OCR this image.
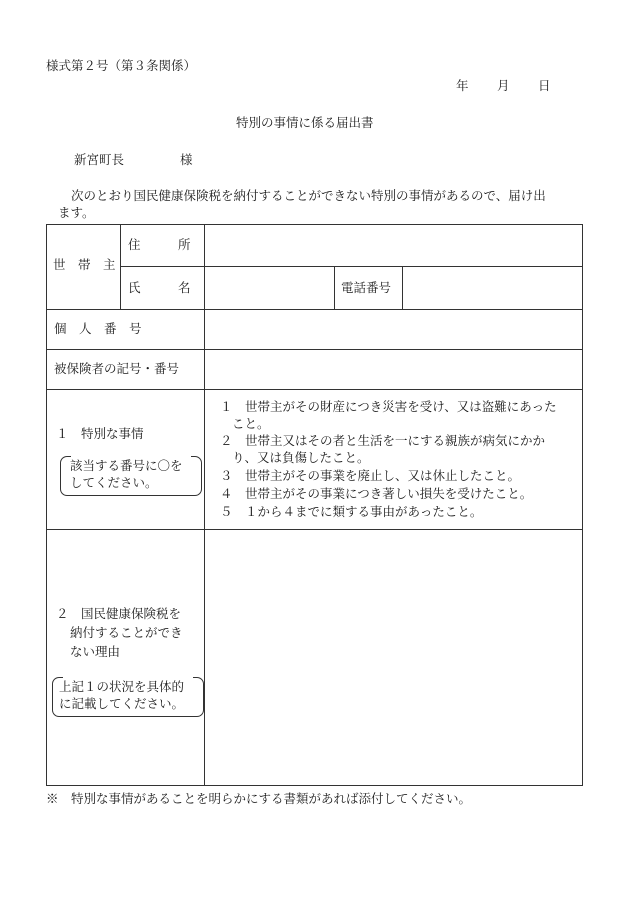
様式第２号（第３条関係）
年 月 日
特別の事情に係る届出書
新宮町長	様
次のとおり国民健康保険税を納付することができない特別の事情があるので、届け出
ます。
世　帯　主
住　　　所
氏　　　名	電話番号
個　人　番　号
被保険者の記号・番号
１　特別な事情
該当する番号に〇を
してください。
１　世帯主がその財産につき災害を受け、又は盗難にあった
こと。
２　世帯主又はその者と生活を一にする親族が病気にかか
り、又は負傷したこと。
３　世帯主がその事業を廃止し、又は休止したこと。
４　世帯主がその事業につき著しい損失を受けたこと。
５　１から４までに類する事由があったこと。
２　国民健康保険税を
納付することができ
ない理由
上記１の状況を具体的
に記載してください。
※　特別な事情があることを明らかにする書類があれば添付してください。
